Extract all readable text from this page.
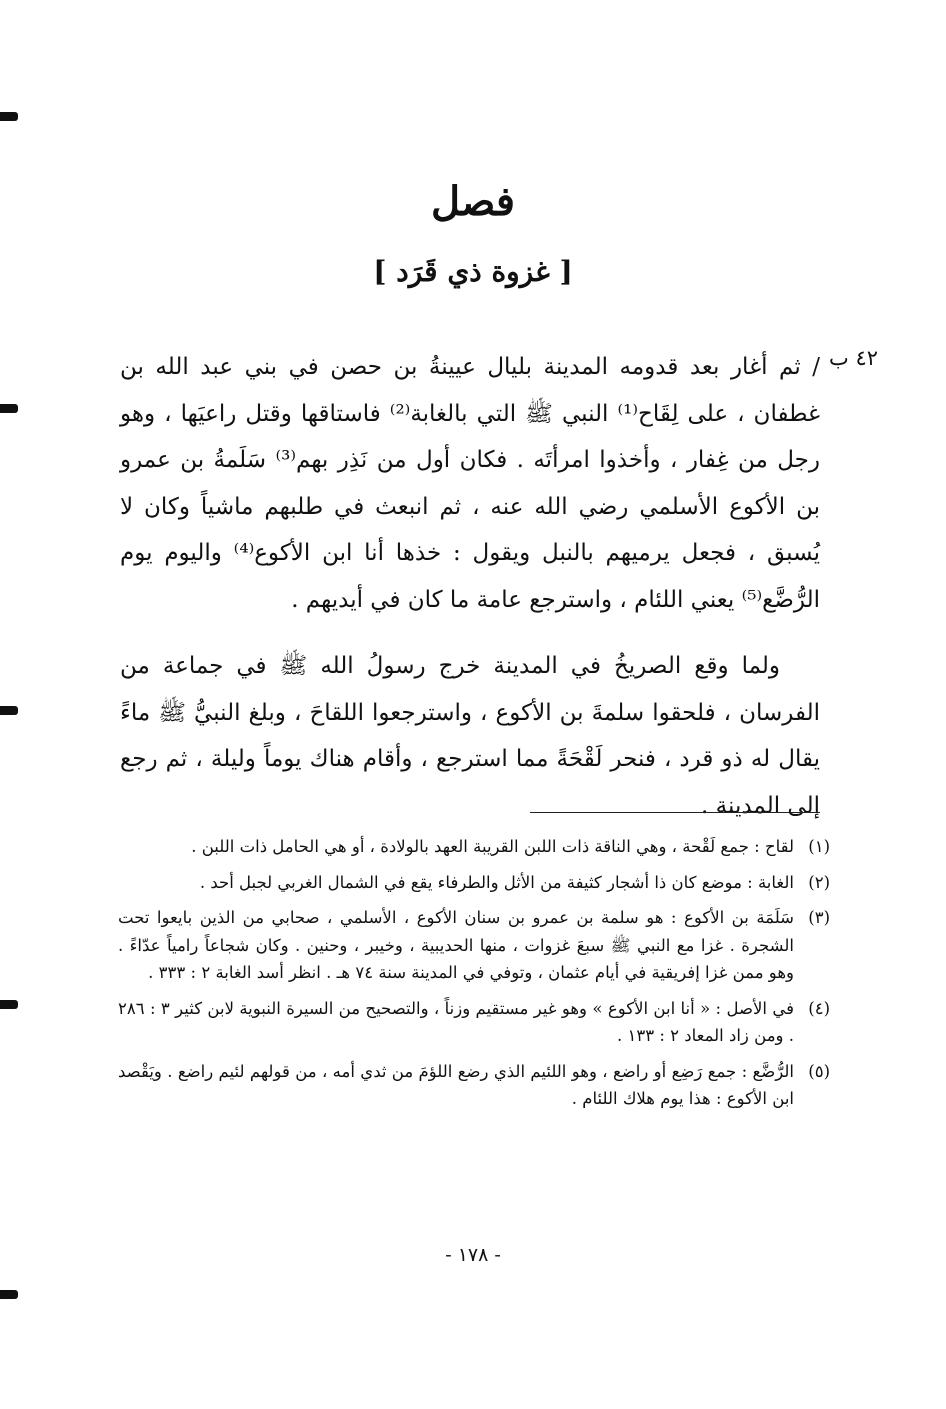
فصل
[ غزوة ذي قَرَد ]
٤٢ ب

/ ثم أغار بعد قدومه المدينة بليال عيينةُ بن حصن في بني عبد الله بن غطفان ، على لِقَاح⁽¹⁾ النبي ﷺ التي بالغابة⁽²⁾ فاستاقها وقتل راعيَها ، وهو رجل من غِفار ، وأخذوا امرأتَه . فكان أول من نَذِر بهم⁽³⁾ سَلَمةُ بن عمرو بن الأكوع الأسلمي رضي الله عنه ، ثم انبعث في طلبهم ماشياً وكان لا يُسبق ، فجعل يرميهم بالنبل ويقول : خذها أنا ابن الأكوع⁽⁴⁾ واليوم يوم الرُّضَّع⁽⁵⁾ يعني اللئام ، واسترجع عامة ما كان في أيديهم .

ولما وقع الصريخُ في المدينة خرج رسولُ الله ﷺ في جماعة من الفرسان ، فلحقوا سلمةَ بن الأكوع ، واسترجعوا اللقاحَ ، وبلغ النبيُّ ﷺ ماءً يقال له ذو قرد ، فنحر لَقْحَةً مما استرجع ، وأقام هناك يوماً وليلة ، ثم رجع إلى المدينة .

(١)
لقاح : جمع لَقْحة ، وهي الناقة ذات اللبن القريبة العهد بالولادة ، أو هي الحامل ذات اللبن .
(٢)
الغابة : موضع كان ذا أشجار كثيفة من الأثل والطرفاء يقع في الشمال الغربي لجبل أحد .
(٣)
سَلَمَة بن الأكوع : هو سلمة بن عمرو بن سنان الأكوع ، الأسلمي ، صحابي من الذين بايعوا تحت الشجرة . غزا مع النبي ﷺ سبعَ غزوات ، منها الحديبية ، وخيبر ، وحنين . وكان شجاعاً رامياً عدّاءً . وهو ممن غزا إفريقية في أيام عثمان ، وتوفي في المدينة سنة ٧٤ هـ . انظر أسد الغابة ٢ : ٣٣٣ .
(٤)
في الأصل : « أنا ابن الأكوع » وهو غير مستقيم وزناً ، والتصحيح من السيرة النبوية لابن كثير ٣ : ٢٨٦ . ومن زاد المعاد ٢ : ١٣٣ .
(٥)
الرُّضَّع : جمع رَضِع أو راضع ، وهو اللئيم الذي رضع اللؤمَ من ثدي أمه ، من قولهم لئيم راضع . ويَقْصد ابن الأكوع : هذا يوم هلاك اللئام .
- ١٧٨ -
